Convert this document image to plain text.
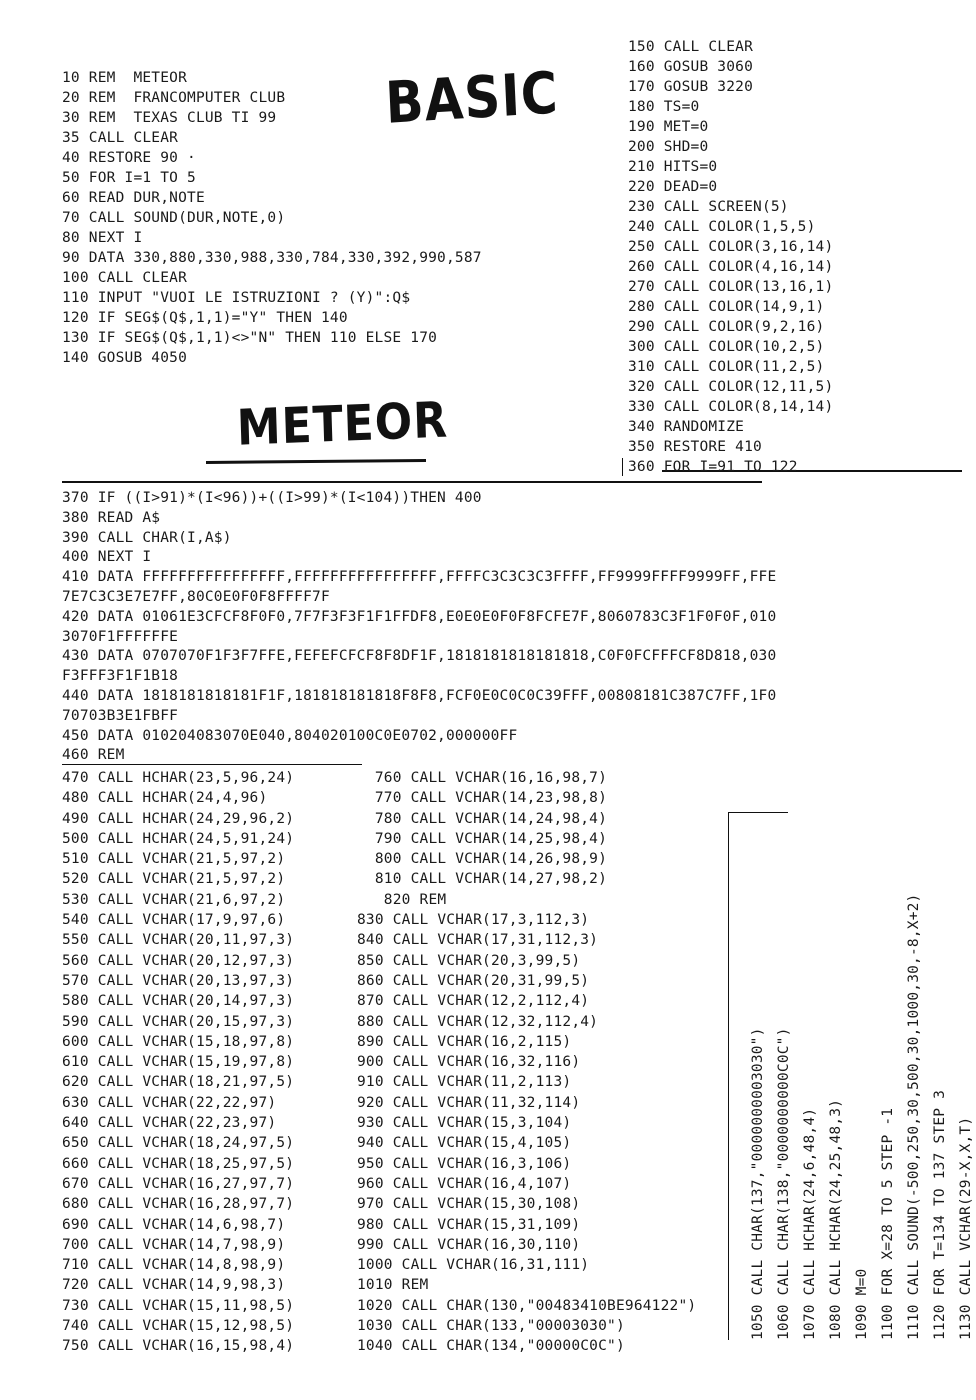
BASIC
METEOR
10 REM  METEOR
20 REM  FRANCOMPUTER CLUB
30 REM  TEXAS CLUB TI 99
35 CALL CLEAR
40 RESTORE 90 ·
50 FOR I=1 TO 5
60 READ DUR,NOTE
70 CALL SOUND(DUR,NOTE,0)
80 NEXT I
90 DATA 330,880,330,988,330,784,330,392,990,587
100 CALL CLEAR
110 INPUT "VUOI LE ISTRUZIONI ? (Y)":Q$
120 IF SEG$(Q$,1,1)="Y" THEN 140
130 IF SEG$(Q$,1,1)<>"N" THEN 110 ELSE 170
140 GOSUB 4050
150 CALL CLEAR
160 GOSUB 3060
170 GOSUB 3220
180 TS=0
190 MET=0
200 SHD=0
210 HITS=0
220 DEAD=0
230 CALL SCREEN(5)
240 CALL COLOR(1,5,5)
250 CALL COLOR(3,16,14)
260 CALL COLOR(4,16,14)
270 CALL COLOR(13,16,1)
280 CALL COLOR(14,9,1)
290 CALL COLOR(9,2,16)
300 CALL COLOR(10,2,5)
310 CALL COLOR(11,2,5)
320 CALL COLOR(12,11,5)
330 CALL COLOR(8,14,14)
340 RANDOMIZE
350 RESTORE 410
360 FOR I=91 TO 122
370 IF ((I>91)*(I<96))+((I>99)*(I<104))THEN 400
380 READ A$
390 CALL CHAR(I,A$)
400 NEXT I
410 DATA FFFFFFFFFFFFFFFF,FFFFFFFFFFFFFFFF,FFFFC3C3C3C3FFFF,FF9999FFFF9999FF,FFE
7E7C3C3E7E7FF,80C0E0F0F8FFFF7F
420 DATA 01061E3CFCF8F0F0,7F7F3F3F1F1FFDF8,E0E0E0F0F8FCFE7F,8060783C3F1F0F0F,010
3070F1FFFFFFE
430 DATA 0707070F1F3F7FFE,FEFEFCFCF8F8DF1F,1818181818181818,C0F0FCFFFCF8D818,030
F3FFF3F1F1B18
440 DATA 1818181818181F1F,181818181818F8F8,FCF0E0C0C0C39FFF,00808181C387C7FF,1F0
70703B3E1FBFF
450 DATA 010204083070E040,804020100C0E0702,000000FF
460 REM
470 CALL HCHAR(23,5,96,24)
480 CALL HCHAR(24,4,96)
490 CALL HCHAR(24,29,96,2)
500 CALL HCHAR(24,5,91,24)
510 CALL VCHAR(21,5,97,2)
520 CALL VCHAR(21,5,97,2)
530 CALL VCHAR(21,6,97,2)
540 CALL VCHAR(17,9,97,6)
550 CALL VCHAR(20,11,97,3)
560 CALL VCHAR(20,12,97,3)
570 CALL VCHAR(20,13,97,3)
580 CALL VCHAR(20,14,97,3)
590 CALL VCHAR(20,15,97,3)
600 CALL VCHAR(15,18,97,8)
610 CALL VCHAR(15,19,97,8)
620 CALL VCHAR(18,21,97,5)
630 CALL VCHAR(22,22,97)
640 CALL VCHAR(22,23,97)
650 CALL VCHAR(18,24,97,5)
660 CALL VCHAR(18,25,97,5)
670 CALL VCHAR(16,27,97,7)
680 CALL VCHAR(16,28,97,7)
690 CALL VCHAR(14,6,98,7)
700 CALL VCHAR(14,7,98,9)
710 CALL VCHAR(14,8,98,9)
720 CALL VCHAR(14,9,98,3)
730 CALL VCHAR(15,11,98,5)
740 CALL VCHAR(15,12,98,5)
750 CALL VCHAR(16,15,98,4)
760 CALL VCHAR(16,16,98,7)
770 CALL VCHAR(14,23,98,8)
780 CALL VCHAR(14,24,98,4)
790 CALL VCHAR(14,25,98,4)
800 CALL VCHAR(14,26,98,9)
810 CALL VCHAR(14,27,98,2)
820 REM
830 CALL VCHAR(17,3,112,3)
840 CALL VCHAR(17,31,112,3)
850 CALL VCHAR(20,3,99,5)
860 CALL VCHAR(20,31,99,5)
870 CALL VCHAR(12,2,112,4)
880 CALL VCHAR(12,32,112,4)
890 CALL VCHAR(16,2,115)
900 CALL VCHAR(16,32,116)
910 CALL VCHAR(11,2,113)
920 CALL VCHAR(11,32,114)
930 CALL VCHAR(15,3,104)
940 CALL VCHAR(15,4,105)
950 CALL VCHAR(16,3,106)
960 CALL VCHAR(16,4,107)
970 CALL VCHAR(15,30,108)
980 CALL VCHAR(15,31,109)
990 CALL VCHAR(16,30,110)
1000 CALL VCHAR(16,31,111)
1010 REM
1020 CALL CHAR(130,"00483410BE964122")
1030 CALL CHAR(133,"00003030")
1040 CALL CHAR(134,"00000C0C")
1050 CALL CHAR(137,"0000000003030") 1060 CALL CHAR(138,"0000000000C0C") 1070 CALL HCHAR(24,6,48,4) 1080 CALL HCHAR(24,25,48,3) 1090 M=0 1100 FOR X=28 TO 5 STEP -1 1110 CALL SOUND(-500,250,30,500,30,1000,30,-8,X+2) 1120 FOR T=134 TO 137 STEP 3 1130 CALL VCHAR(29-X,X,T)
